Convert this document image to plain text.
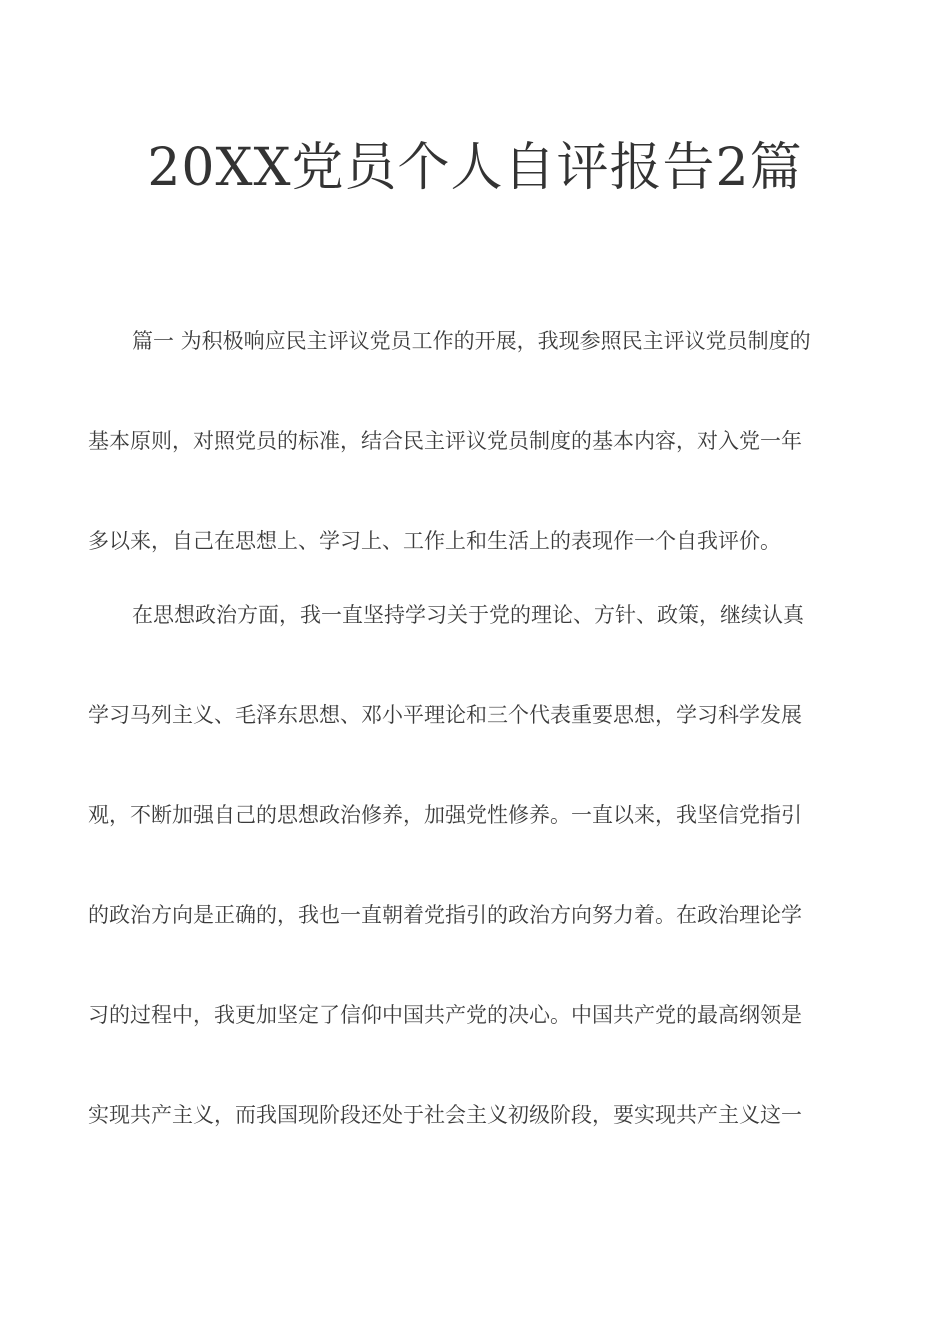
20XX党员个人自评报告2篇

篇一 为积极响应民主评议党员工作的开展，我现参照民主评议党员制度的

基本原则，对照党员的标准，结合民主评议党员制度的基本内容，对入党一年

多以来，自己在思想上、学习上、工作上和生活上的表现作一个自我评价。

在思想政治方面，我一直坚持学习关于党的理论、方针、政策，继续认真

学习马列主义、毛泽东思想、邓小平理论和三个代表重要思想，学习科学发展

观，不断加强自己的思想政治修养，加强党性修养。一直以来，我坚信党指引

的政治方向是正确的，我也一直朝着党指引的政治方向努力着。在政治理论学

习的过程中，我更加坚定了信仰中国共产党的决心。中国共产党的最高纲领是

实现共产主义，而我国现阶段还处于社会主义初级阶段，要实现共产主义这一
